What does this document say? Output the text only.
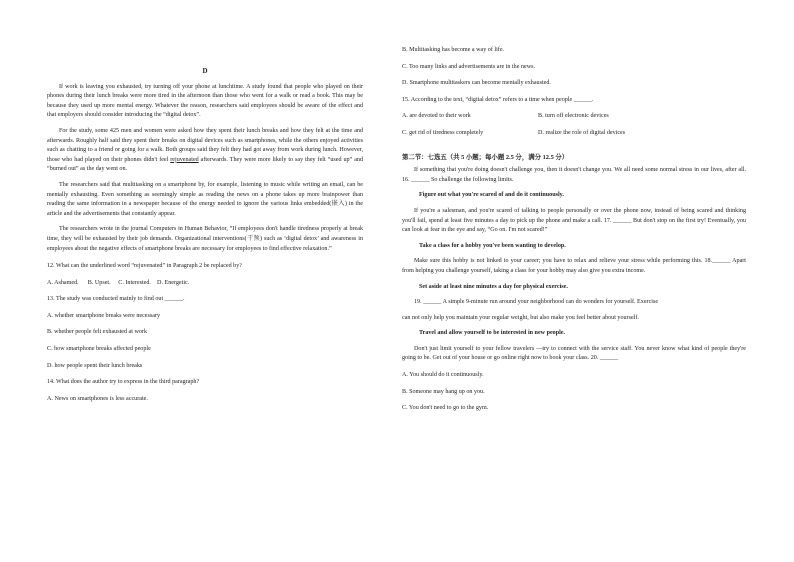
D

If work is leaving you exhausted, try turning off your phone at lunchtime. A study found that people who played on their phones during their lunch breaks were more tired in the afternoon than those who went for a walk or read a book. This may be because they used up more mental energy. Whatever the reason, researchers said employees should be aware of the effect and that employers should consider introducing the “digital detox”.

For the study, some 425 men and women were asked how they spent their lunch breaks and how they felt at the time and afterwards. Roughly half said they spent their breaks on digital devices such as smartphones, while the others enjoyed activities such as chatting to a friend or going for a walk. Both groups said they felt they had got away from work during lunch. However, those who had played on their phones didn't feel rejuvenated afterwards. They were more likely to say they felt “used up” and “burned out” as the day went on.

The researchers said that multitasking on a smartphone by, for example, listening to music while writing an email, can be mentally exhausting. Even something as seemingly simple as reading the news on a phone takes up more brainpower than reading the same information in a newspaper because of the energy needed to ignore the various links embedded(嵌入) in the article and the advertisements that constantly appear.

The researchers wrote in the journal Computers in Human Behavior, “If employees don't handle tiredness properly at break time, they will be exhausted by their job demands. Organizational interventions(干预) such as ‘digital detox’ and awareness in employees about the negative effects of smartphone breaks are necessary for employees to find effective relaxation.”

12. What can the underlined word “rejuvenated” in Paragraph 2 be replaced by?

A. Ashamed. B. Upset. C. Interested. D. Energetic.

13. The study was conducted mainly to find out ______.

A. whether smartphone breaks were necessary

B. whether people felt exhausted at work

C. how smartphone breaks affected people

D. how people spent their lunch breaks

14. What does the author try to express in the third paragraph?

A. News on smartphones is less accurate.

B. Multitasking has become a way of life.

C. Too many links and advertisements are in the news.

D. Smartphone multitaskers can become mentally exhausted.

15. According to the text, “digital detox” refers to a time when people ______.

A. are devoted to their work	B. turn off electronic devices
C. get rid of tiredness completely	D. realize the role of digital devices

第二节：七选五（共 5 小题；每小题 2.5 分，满分 12.5 分）

If something that you're doing doesn't challenge you, then it doesn't change you. We all need some normal stress in our lives, after all. 16. ______ So challenge the following limits.

Figure out what you're scared of and do it continuously.

If you're a salesman, and you're scared of talking to people personally or over the phone now, instead of being scared and thinking you'll fail, spend at least five minutes a day to pick up the phone and make a call. 17. ______ But don't stop on the first try! Eventually, you can look at fear in the eye and say, “Go on. I'm not scared!”

Take a class for a hobby you've been wanting to develop.

Make sure this hobby is not linked to your career; you have to relax and relieve your stress while performing this. 18.______ Apart from helping you challenge yourself, taking a class for your hobby may also give you extra income.

Set aside at least nine minutes a day for physical exercise.

19. ______ A simple 9-minute run around your neighborhood can do wonders for yourself. Exercise

can not only help you maintain your regular weight, but also make you feel better about yourself.

Travel and allow yourself to be interested in new people.

Don't just limit yourself to your fellow travelers —try to connect with the service staff. You never know what kind of people they're going to be. Get out of your house or go online right now to book your class. 20. ______

A. You should do it continuously.

B. Someone may hang up on you.

C. You don't need to go to the gym.
